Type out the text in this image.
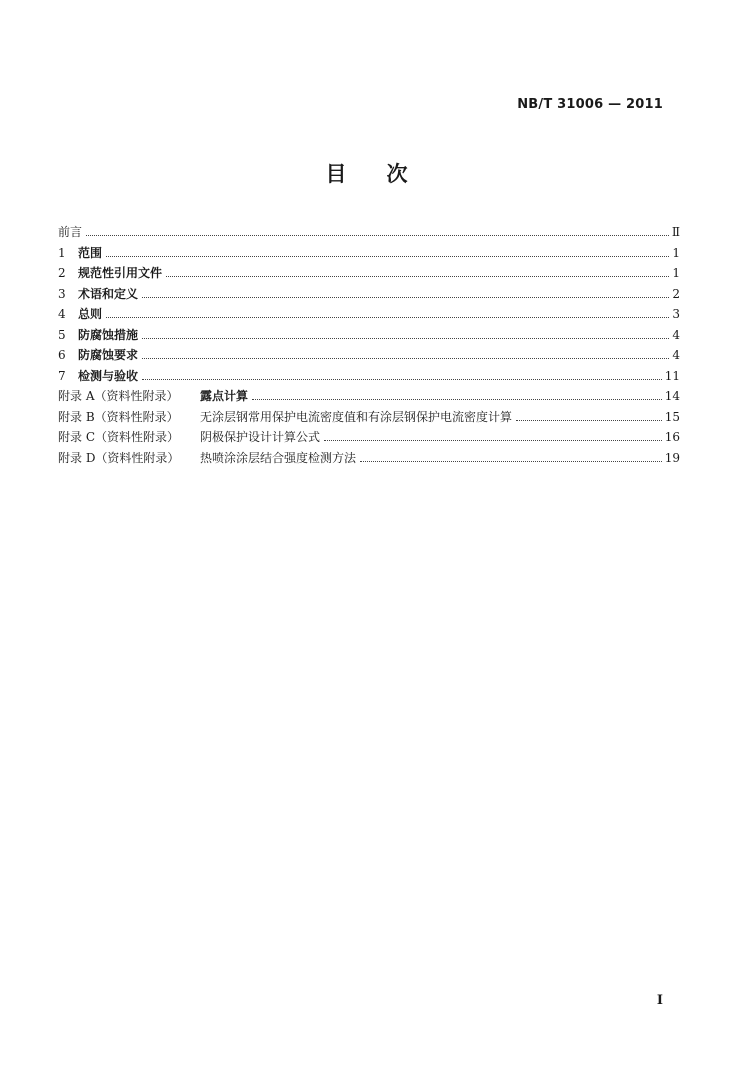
NB/T 31006 — 2011
目次
前言	Ⅱ
1	范围	1
2	规范性引用文件	1
3	术语和定义	2
4	总则	3
5	防腐蚀措施	4
6	防腐蚀要求	4
7	检测与验收	11
附录 A（资料性附录）	露点计算	14
附录 B（资料性附录）	无涂层钢常用保护电流密度值和有涂层钢保护电流密度计算	15
附录 C（资料性附录）	阴极保护设计计算公式	16
附录 D（资料性附录）	热喷涂涂层结合强度检测方法	19
I
